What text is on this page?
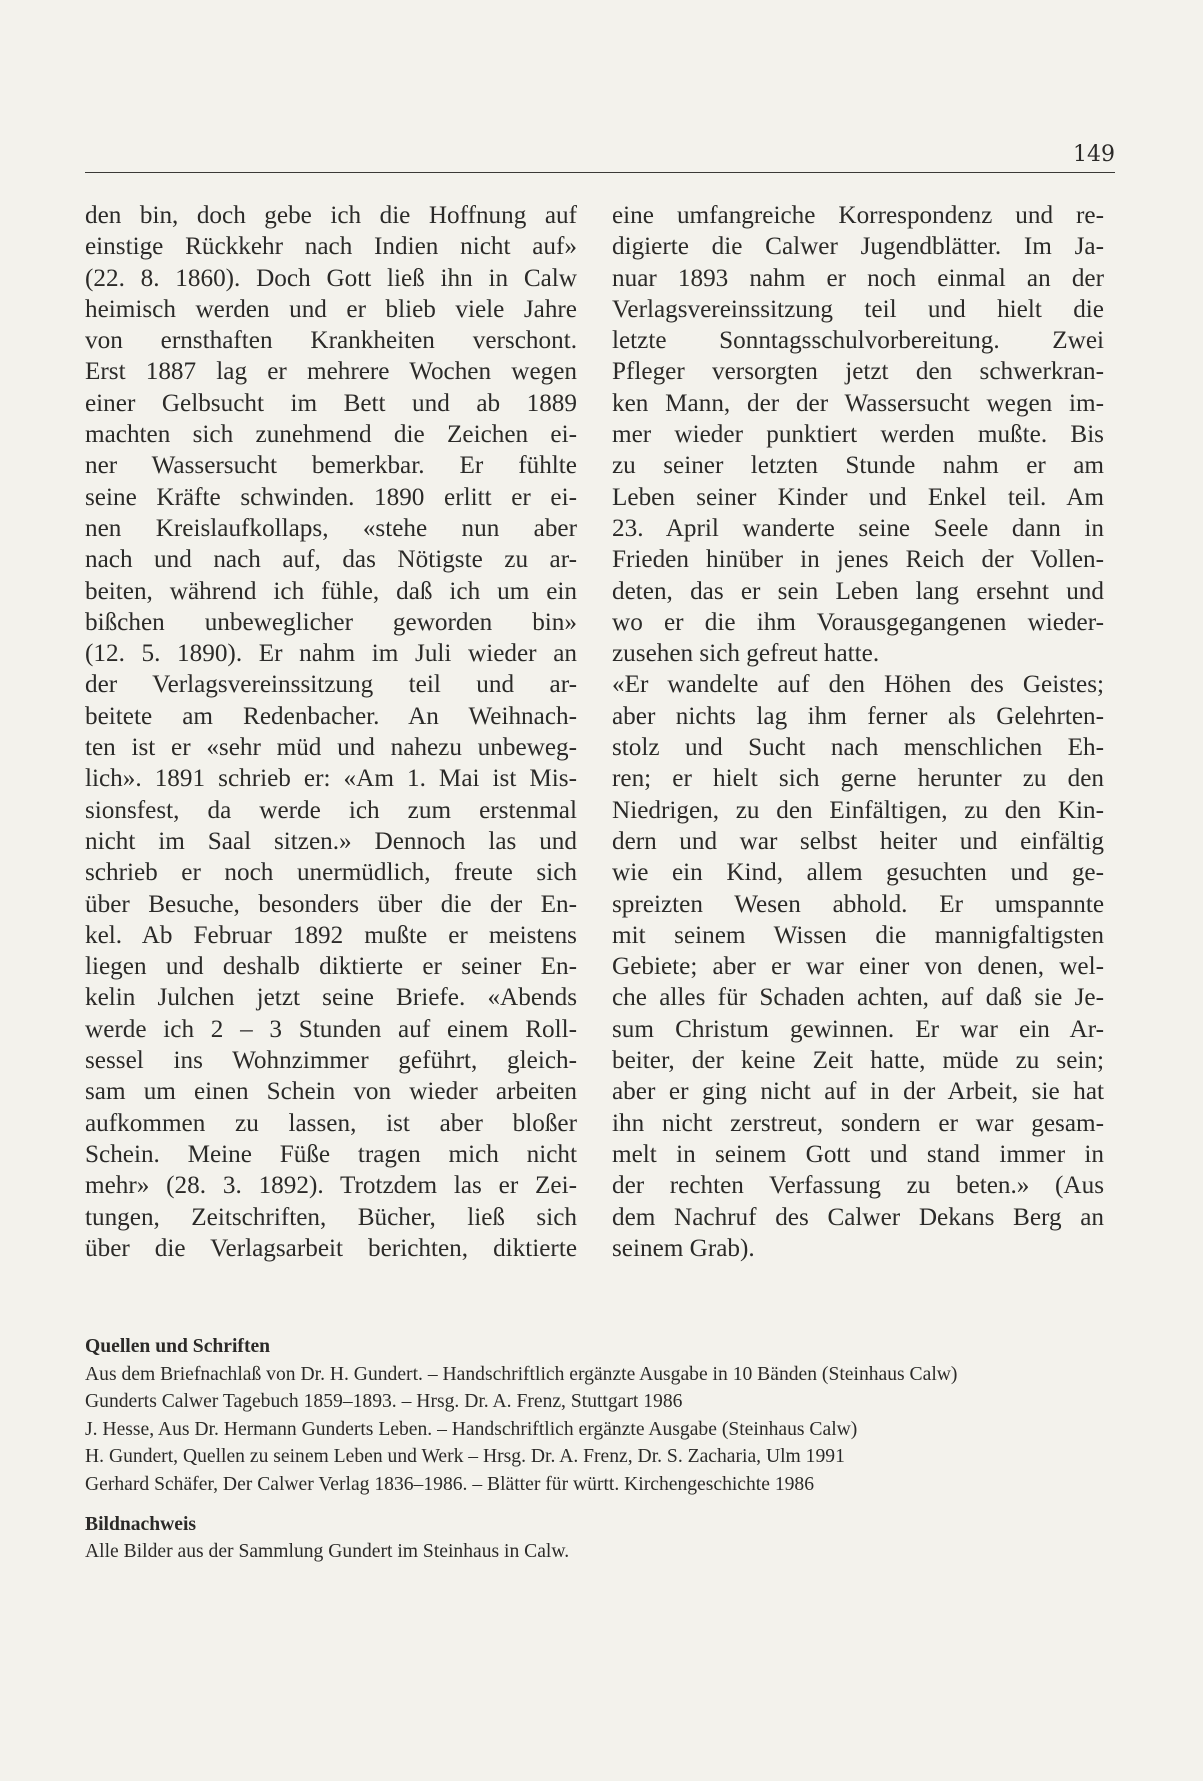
149
den bin, doch gebe ich die Hoffnung auf
einstige Rückkehr nach Indien nicht auf»
(22. 8. 1860). Doch Gott ließ ihn in Calw
heimisch werden und er blieb viele Jahre
von ernsthaften Krankheiten verschont.
Erst 1887 lag er mehrere Wochen wegen
einer Gelbsucht im Bett und ab 1889
machten sich zunehmend die Zeichen ei-
ner Wassersucht bemerkbar. Er fühlte
seine Kräfte schwinden. 1890 erlitt er ei-
nen Kreislaufkollaps, «stehe nun aber
nach und nach auf, das Nötigste zu ar-
beiten, während ich fühle, daß ich um ein
bißchen unbeweglicher geworden bin»
(12. 5. 1890). Er nahm im Juli wieder an
der Verlagsvereinssitzung teil und ar-
beitete am Redenbacher. An Weihnach-
ten ist er «sehr müd und nahezu unbeweg-
lich». 1891 schrieb er: «Am 1. Mai ist Mis-
sionsfest, da werde ich zum erstenmal
nicht im Saal sitzen.» Dennoch las und
schrieb er noch unermüdlich, freute sich
über Besuche, besonders über die der En-
kel. Ab Februar 1892 mußte er meistens
liegen und deshalb diktierte er seiner En-
kelin Julchen jetzt seine Briefe. «Abends
werde ich 2 – 3 Stunden auf einem Roll-
sessel ins Wohnzimmer geführt, gleich-
sam um einen Schein von wieder arbeiten
aufkommen zu lassen, ist aber bloßer
Schein. Meine Füße tragen mich nicht
mehr» (28. 3. 1892). Trotzdem las er Zei-
tungen, Zeitschriften, Bücher, ließ sich
über die Verlagsarbeit berichten, diktierte
eine umfangreiche Korrespondenz und re-
digierte die Calwer Jugendblätter. Im Ja-
nuar 1893 nahm er noch einmal an der
Verlagsvereinssitzung teil und hielt die
letzte Sonntagsschulvorbereitung. Zwei
Pfleger versorgten jetzt den schwerkran-
ken Mann, der der Wassersucht wegen im-
mer wieder punktiert werden mußte. Bis
zu seiner letzten Stunde nahm er am
Leben seiner Kinder und Enkel teil. Am
23. April wanderte seine Seele dann in
Frieden hinüber in jenes Reich der Vollen-
deten, das er sein Leben lang ersehnt und
wo er die ihm Vorausgegangenen wieder-
zusehen sich gefreut hatte.
«Er wandelte auf den Höhen des Geistes;
aber nichts lag ihm ferner als Gelehrten-
stolz und Sucht nach menschlichen Eh-
ren; er hielt sich gerne herunter zu den
Niedrigen, zu den Einfältigen, zu den Kin-
dern und war selbst heiter und einfältig
wie ein Kind, allem gesuchten und ge-
spreizten Wesen abhold. Er umspannte
mit seinem Wissen die mannigfaltigsten
Gebiete; aber er war einer von denen, wel-
che alles für Schaden achten, auf daß sie Je-
sum Christum gewinnen. Er war ein Ar-
beiter, der keine Zeit hatte, müde zu sein;
aber er ging nicht auf in der Arbeit, sie hat
ihn nicht zerstreut, sondern er war gesam-
melt in seinem Gott und stand immer in
der rechten Verfassung zu beten.» (Aus
dem Nachruf des Calwer Dekans Berg an
seinem Grab).
Quellen und Schriften
Aus dem Briefnachlaß von Dr. H. Gundert. – Handschriftlich ergänzte Ausgabe in 10 Bänden (Steinhaus Calw)
Gunderts Calwer Tagebuch 1859–1893. – Hrsg. Dr. A. Frenz, Stuttgart 1986
J. Hesse, Aus Dr. Hermann Gunderts Leben. – Handschriftlich ergänzte Ausgabe (Steinhaus Calw)
H. Gundert, Quellen zu seinem Leben und Werk – Hrsg. Dr. A. Frenz, Dr. S. Zacharia, Ulm 1991
Gerhard Schäfer, Der Calwer Verlag 1836–1986. – Blätter für württ. Kirchengeschichte 1986
Bildnachweis
Alle Bilder aus der Sammlung Gundert im Steinhaus in Calw.
